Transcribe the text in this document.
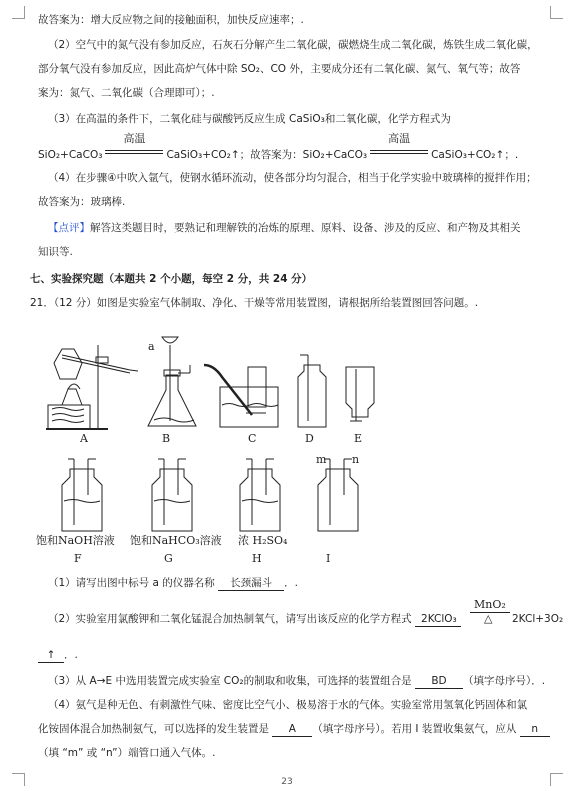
故答案为：增大反应物之间的接触面积，加快反应速率；.
（2）空气中的氮气没有参加反应，石灰石分解产生二氧化碳，碳燃烧生成二氧化碳，炼铁生成二氧化碳，
部分氧气没有参加反应，因此高炉气体中除 SO₂、CO 外，主要成分还有二氧化碳、氮气、氧气等；故答
案为：氮气、二氧化碳（合理即可）；.
（3）在高温的条件下，二氧化硅与碳酸钙反应生成 CaSiO₃和二氧化碳，化学方程式为
SiO₂+CaCO₃
高温
CaSiO₃+CO₂↑；故答案为：SiO₂+CaCO₃
高温
CaSiO₃+CO₂↑；.
（4）在步骤④中吹入氩气，使钢水循环流动，使各部分均匀混合，相当于化学实验中玻璃棒的搅拌作用；
故答案为：玻璃棒.
【点评】解答这类题目时，要熟记和理解铁的冶炼的原理、原料、设备、涉及的反应、和产物及其相关
知识等.
七、实验探究题（本题共 2 个小题，每空 2 分，共 24 分）
21．（12 分）如图是实验室气体制取、净化、干燥等常用装置图，请根据所给装置图回答问题。.
a
A	B	C	D	E
m n
饱和NaOH溶液 饱和NaHCO₃溶液 浓 H₂SO₄
F	G	H	I
（1）请写出图中标号 a 的仪器名称 长颈漏斗 ．.
（2）实验室用氯酸钾和二氧化锰混合加热制氧气，请写出该反应的化学方程式 2KClO₃
MnO₂
△ 2KCl+3O₂
↑ ．.
（3）从 A→E 中选用装置完成实验室 CO₂的制取和收集，可选择的装置组合是 BD （填字母序号）．.
（4）氨气是种无色、有刺激性气味、密度比空气小、极易溶于水的气体。实验室常用氢氧化钙固体和氯
化铵固体混合加热制氨气，可以选择的发生装置是 A （填字母序号）。若用 I 装置收集氨气，应从 n
（填 “m” 或 “n”）端管口通入气体。.
23
